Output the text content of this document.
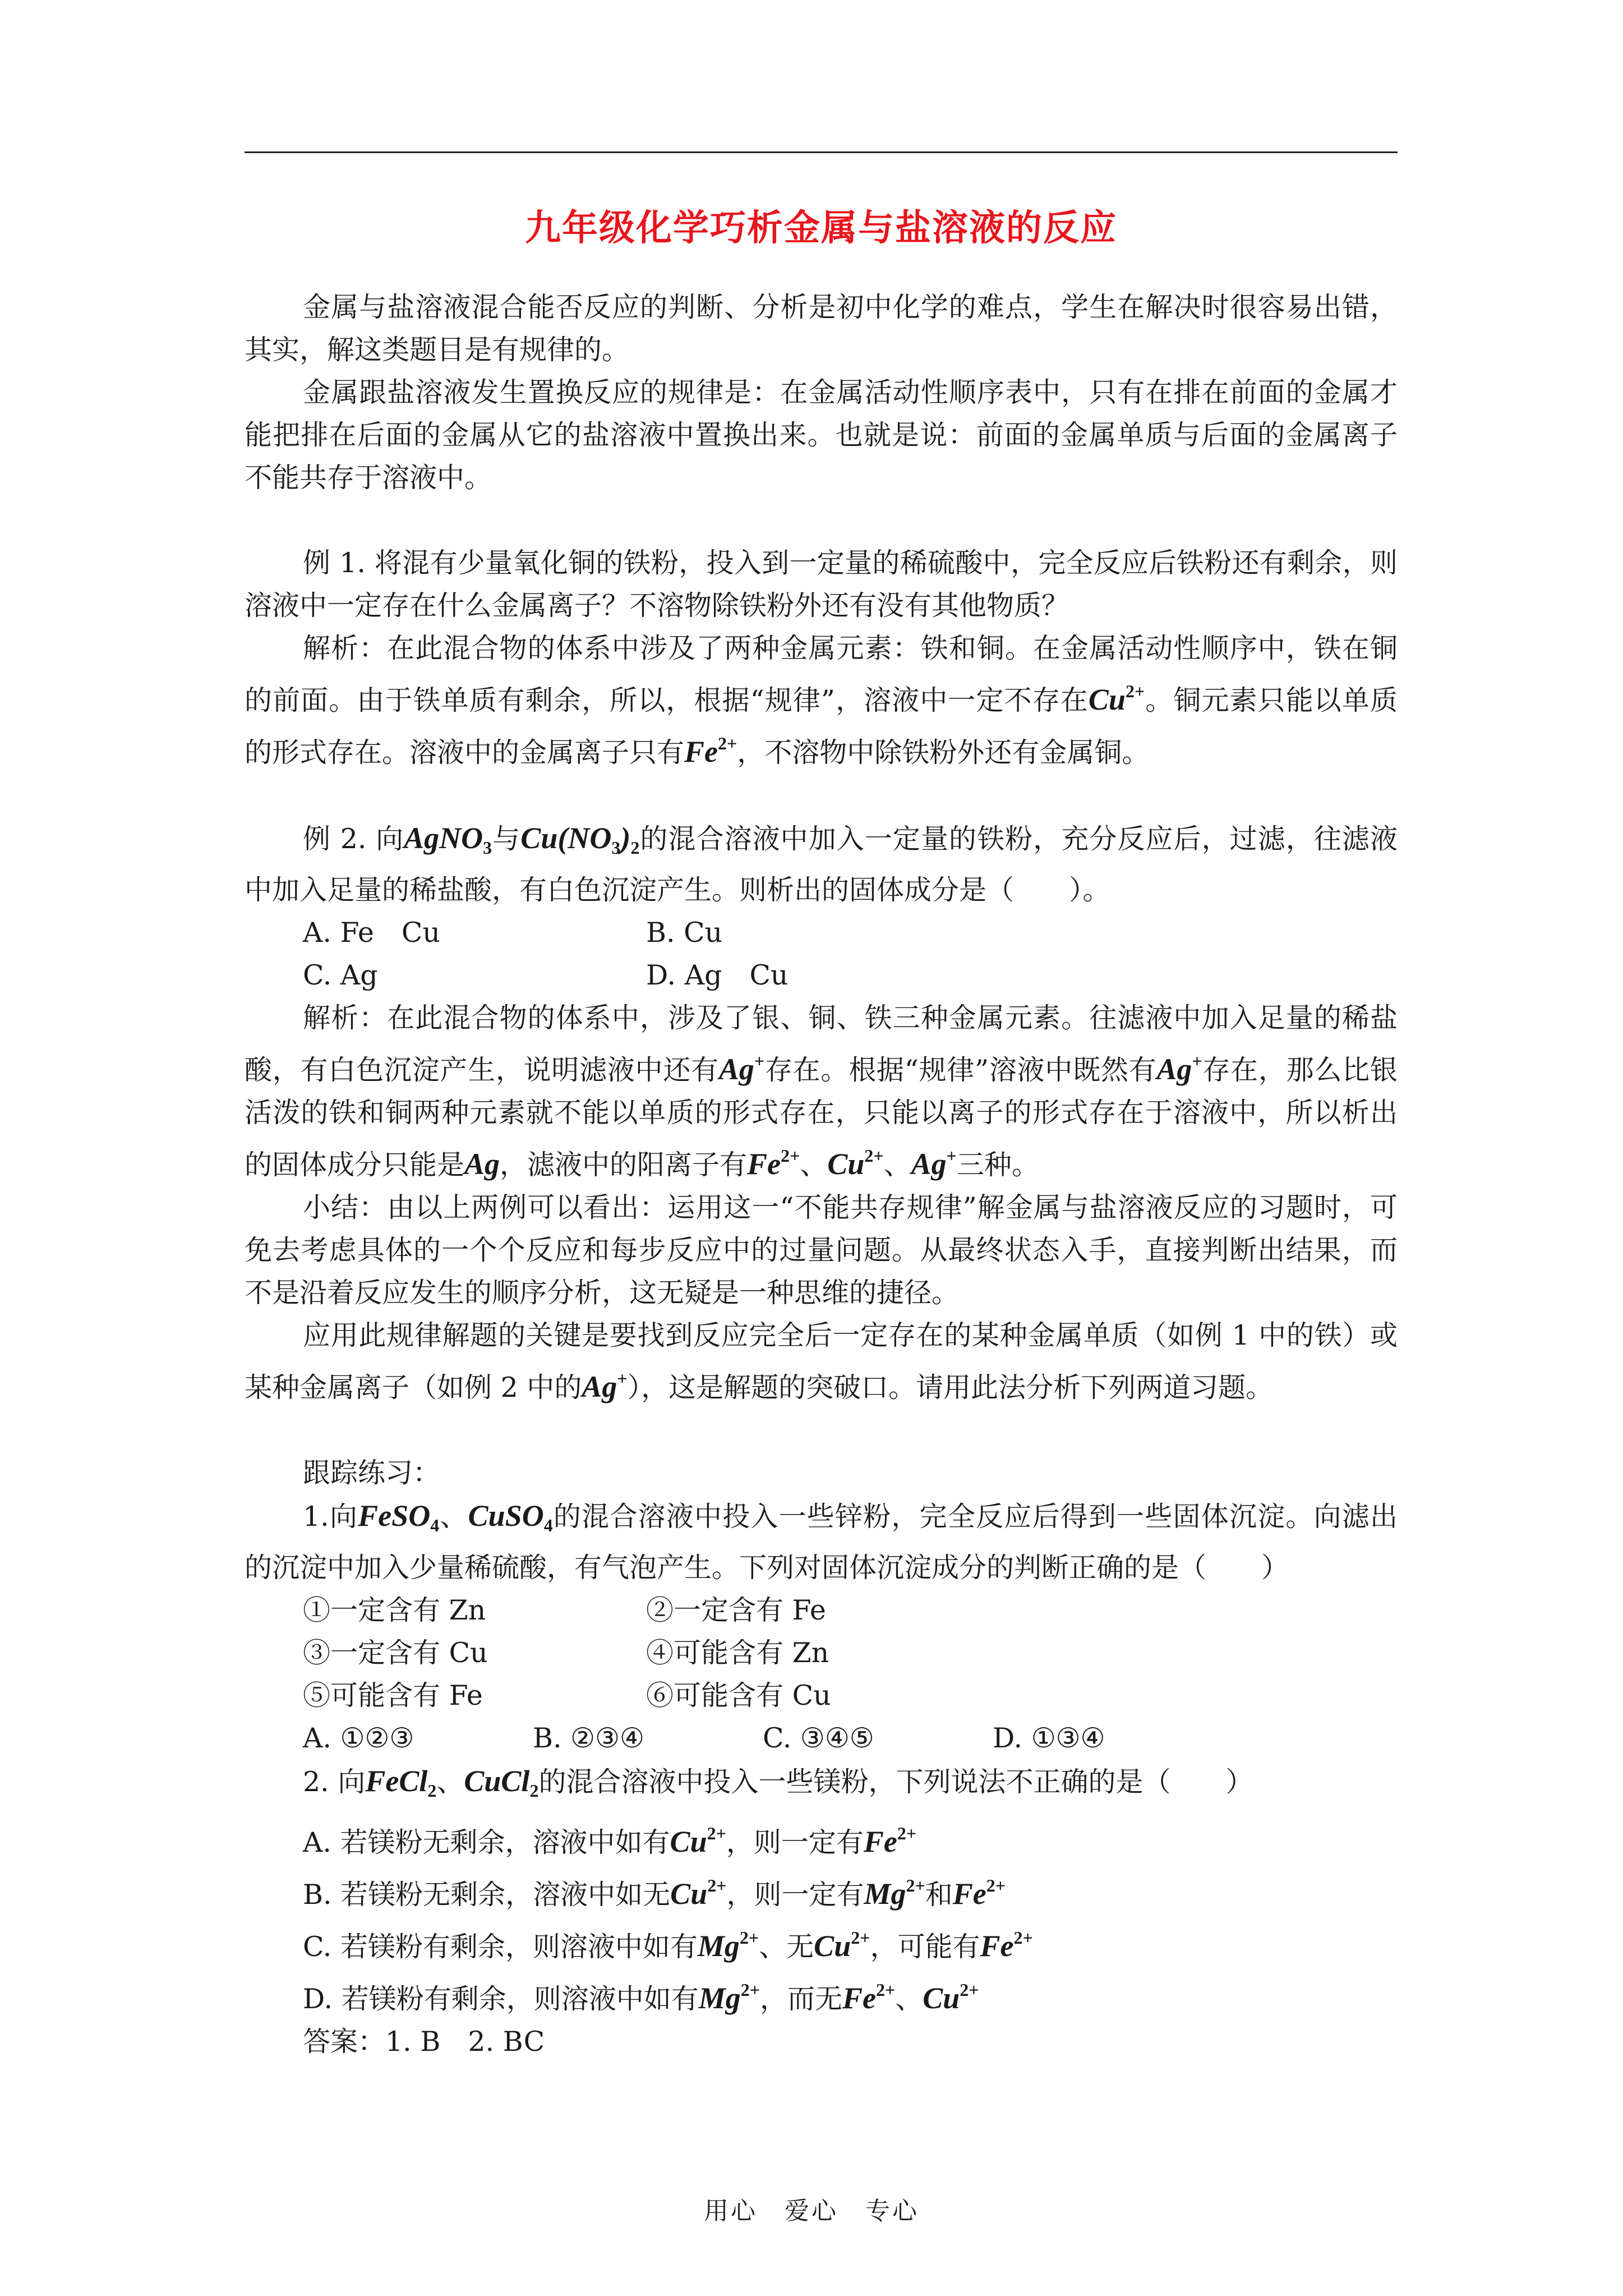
九年级化学巧析金属与盐溶液的反应

金属与盐溶液混合能否反应的判断、分析是初中化学的难点，学生在解决时很容易出错，其实，解这类题目是有规律的。

金属跟盐溶液发生置换反应的规律是：在金属活动性顺序表中，只有在排在前面的金属才能把排在后面的金属从它的盐溶液中置换出来。也就是说：前面的金属单质与后面的金属离子不能共存于溶液中。

例 1. 将混有少量氧化铜的铁粉，投入到一定量的稀硫酸中，完全反应后铁粉还有剩余，则溶液中一定存在什么金属离子？不溶物除铁粉外还有没有其他物质？

解析：在此混合物的体系中涉及了两种金属元素：铁和铜。在金属活动性顺序中，铁在铜的前面。由于铁单质有剩余，所以，根据“规律”，溶液中一定不存在$Cu^{2+}$。铜元素只能以单质的形式存在。溶液中的金属离子只有$Fe^{2+}$，不溶物中除铁粉外还有金属铜。

例 2. 向AgNO$_3$与$Cu(NO_3)_2$的混合溶液中加入一定量的铁粉，充分反应后，过滤，往滤液中加入足量的稀盐酸，有白色沉淀产生。则析出的固体成分是（　　）。

A. Fe　Cu	B. Cu
C. Ag	D. Ag　Cu

解析：在此混合物的体系中，涉及了银、铜、铁三种金属元素。往滤液中加入足量的稀盐酸，有白色沉淀产生，说明滤液中还有Ag+存在。根据“规律”溶液中既然有Ag+存在，那么比银活泼的铁和铜两种元素就不能以单质的形式存在，只能以离子的形式存在于溶液中，所以析出的固体成分只能是Ag，滤液中的阳离子有$Fe^{2+}$、$Cu^{2+}$、Ag+三种。

小结：由以上两例可以看出：运用这一“不能共存规律”解金属与盐溶液反应的习题时，可免去考虑具体的一个个反应和每步反应中的过量问题。从最终状态入手，直接判断出结果，而不是沿着反应发生的顺序分析，这无疑是一种思维的捷径。

应用此规律解题的关键是要找到反应完全后一定存在的某种金属单质（如例 1 中的铁）或某种金属离子（如例 2 中的Ag+），这是解题的突破口。请用此法分析下列两道习题。

跟踪练习：

1.向FeSO$_4$、CuSO$_4$的混合溶液中投入一些锌粉，完全反应后得到一些固体沉淀。向滤出的沉淀中加入少量稀硫酸，有气泡产生。下列对固体沉淀成分的判断正确的是（　　）

①一定含有 Zn	②一定含有 Fe
③一定含有 Cu	④可能含有 Zn
⑤可能含有 Fe	⑥可能含有 Cu
A. ①②③	B. ②③④	C. ③④⑤	D. ①③④

2. 向FeCl$_2$、CuCl$_2$的混合溶液中投入一些镁粉，下列说法不正确的是（　　）

A. 若镁粉无剩余，溶液中如有$Cu^{2+}$，则一定有$Fe^{2+}$

B. 若镁粉无剩余，溶液中如无$Cu^{2+}$，则一定有$Mg^{2+}$和$Fe^{2+}$

C. 若镁粉有剩余，则溶液中如有$Mg^{2+}$、无$Cu^{2+}$，可能有$Fe^{2+}$

D. 若镁粉有剩余，则溶液中如有$Mg^{2+}$，而无$Fe^{2+}$、$Cu^{2+}$

答案：1. B　2. BC

用心　爱心　专心
